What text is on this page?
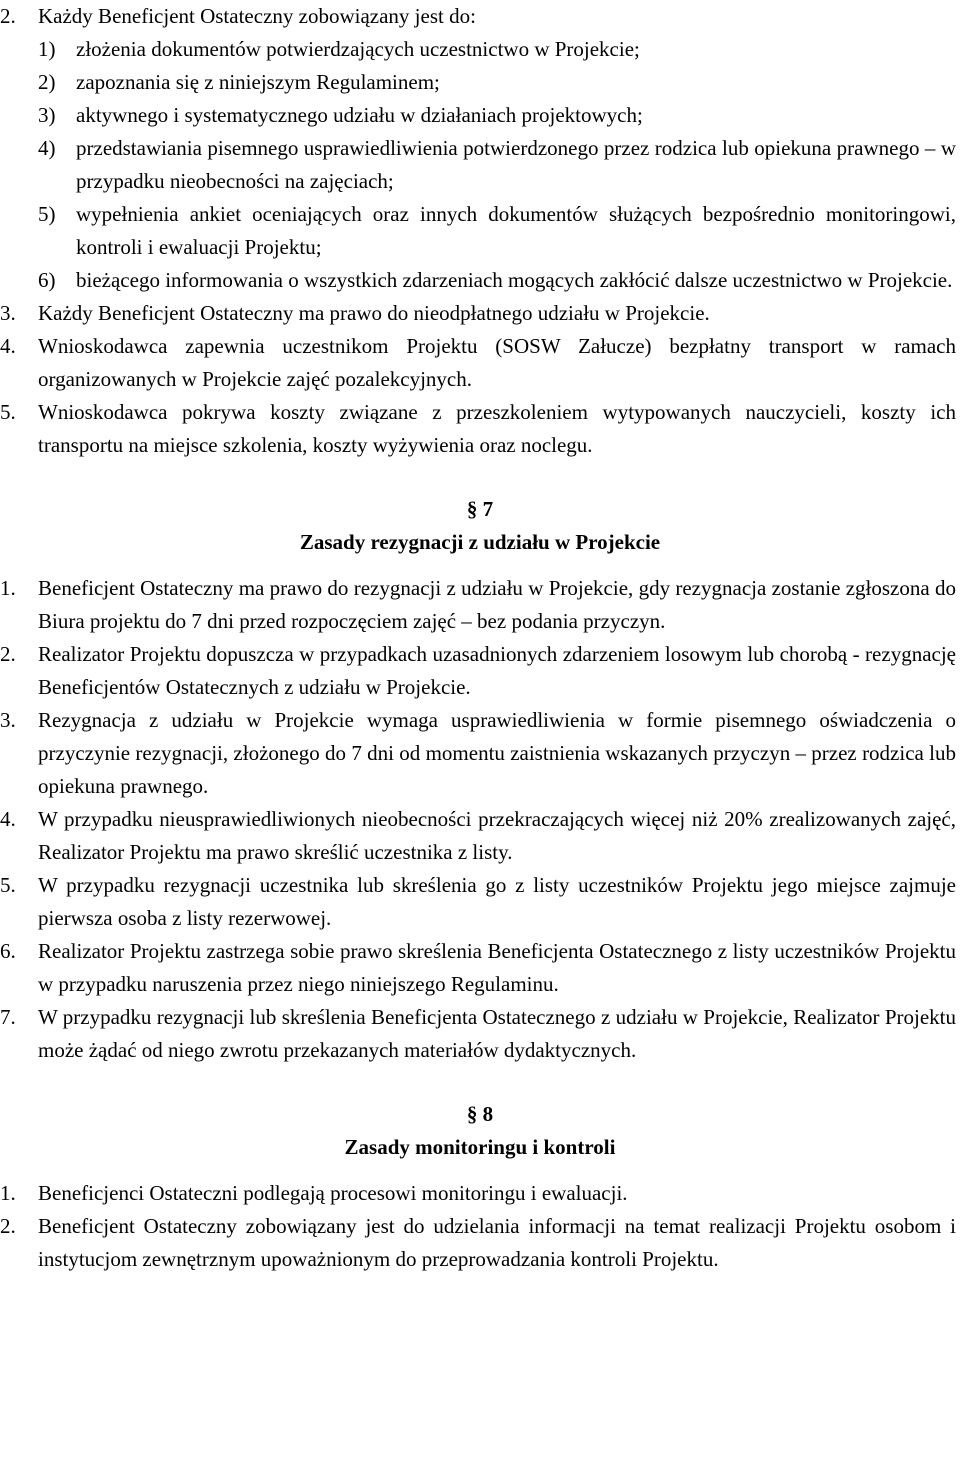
2. Każdy Beneficjent Ostateczny zobowiązany jest do:
1) złożenia dokumentów potwierdzających uczestnictwo w Projekcie;
2) zapoznania się z niniejszym Regulaminem;
3) aktywnego i systematycznego udziału w działaniach projektowych;
4) przedstawiania pisemnego usprawiedliwienia potwierdzonego przez rodzica lub opiekuna prawnego – w przypadku nieobecności na zajęciach;
5) wypełnienia ankiet oceniających oraz innych dokumentów służących bezpośrednio monitoringowi, kontroli i ewaluacji Projektu;
6) bieżącego informowania o wszystkich zdarzeniach mogących zakłócić dalsze uczestnictwo w Projekcie.
3. Każdy Beneficjent Ostateczny ma prawo do nieodpłatnego udziału w Projekcie.
4. Wnioskodawca zapewnia uczestnikom Projektu (SOSW Załucze) bezpłatny transport w ramach organizowanych w Projekcie zajęć pozalekcyjnych.
5. Wnioskodawca pokrywa koszty związane z przeszkoleniem wytypowanych nauczycieli, koszty ich transportu na miejsce szkolenia, koszty wyżywienia oraz noclegu.
§ 7
Zasady rezygnacji z udziału w Projekcie
1. Beneficjent Ostateczny ma prawo do rezygnacji z udziału w Projekcie, gdy rezygnacja zostanie zgłoszona do Biura projektu do 7 dni przed rozpoczęciem zajęć – bez podania przyczyn.
2. Realizator Projektu dopuszcza w przypadkach uzasadnionych zdarzeniem losowym lub chorobą - rezygnację Beneficjentów Ostatecznych z udziału w Projekcie.
3. Rezygnacja z udziału w Projekcie wymaga usprawiedliwienia w formie pisemnego oświadczenia o przyczynie rezygnacji, złożonego do 7 dni od momentu zaistnienia wskazanych przyczyn – przez rodzica lub opiekuna prawnego.
4. W przypadku nieusprawiedliwionych nieobecności przekraczających więcej niż 20% zrealizowanych zajęć, Realizator Projektu ma prawo skreślić uczestnika z listy.
5. W przypadku rezygnacji uczestnika lub skreślenia go z listy uczestników Projektu jego miejsce zajmuje pierwsza osoba z listy rezerwowej.
6. Realizator Projektu zastrzega sobie prawo skreślenia Beneficjenta Ostatecznego z listy uczestników Projektu w przypadku naruszenia przez niego niniejszego Regulaminu.
7. W przypadku rezygnacji lub skreślenia Beneficjenta Ostatecznego z udziału w Projekcie, Realizator Projektu może żądać od niego zwrotu przekazanych materiałów dydaktycznych.
§ 8
Zasady monitoringu i kontroli
1. Beneficjenci Ostateczni podlegają procesowi monitoringu i ewaluacji.
2. Beneficjent Ostateczny zobowiązany jest do udzielania informacji na temat realizacji Projektu osobom i instytucjom zewnętrznym upoważnionym do przeprowadzania kontroli Projektu.
